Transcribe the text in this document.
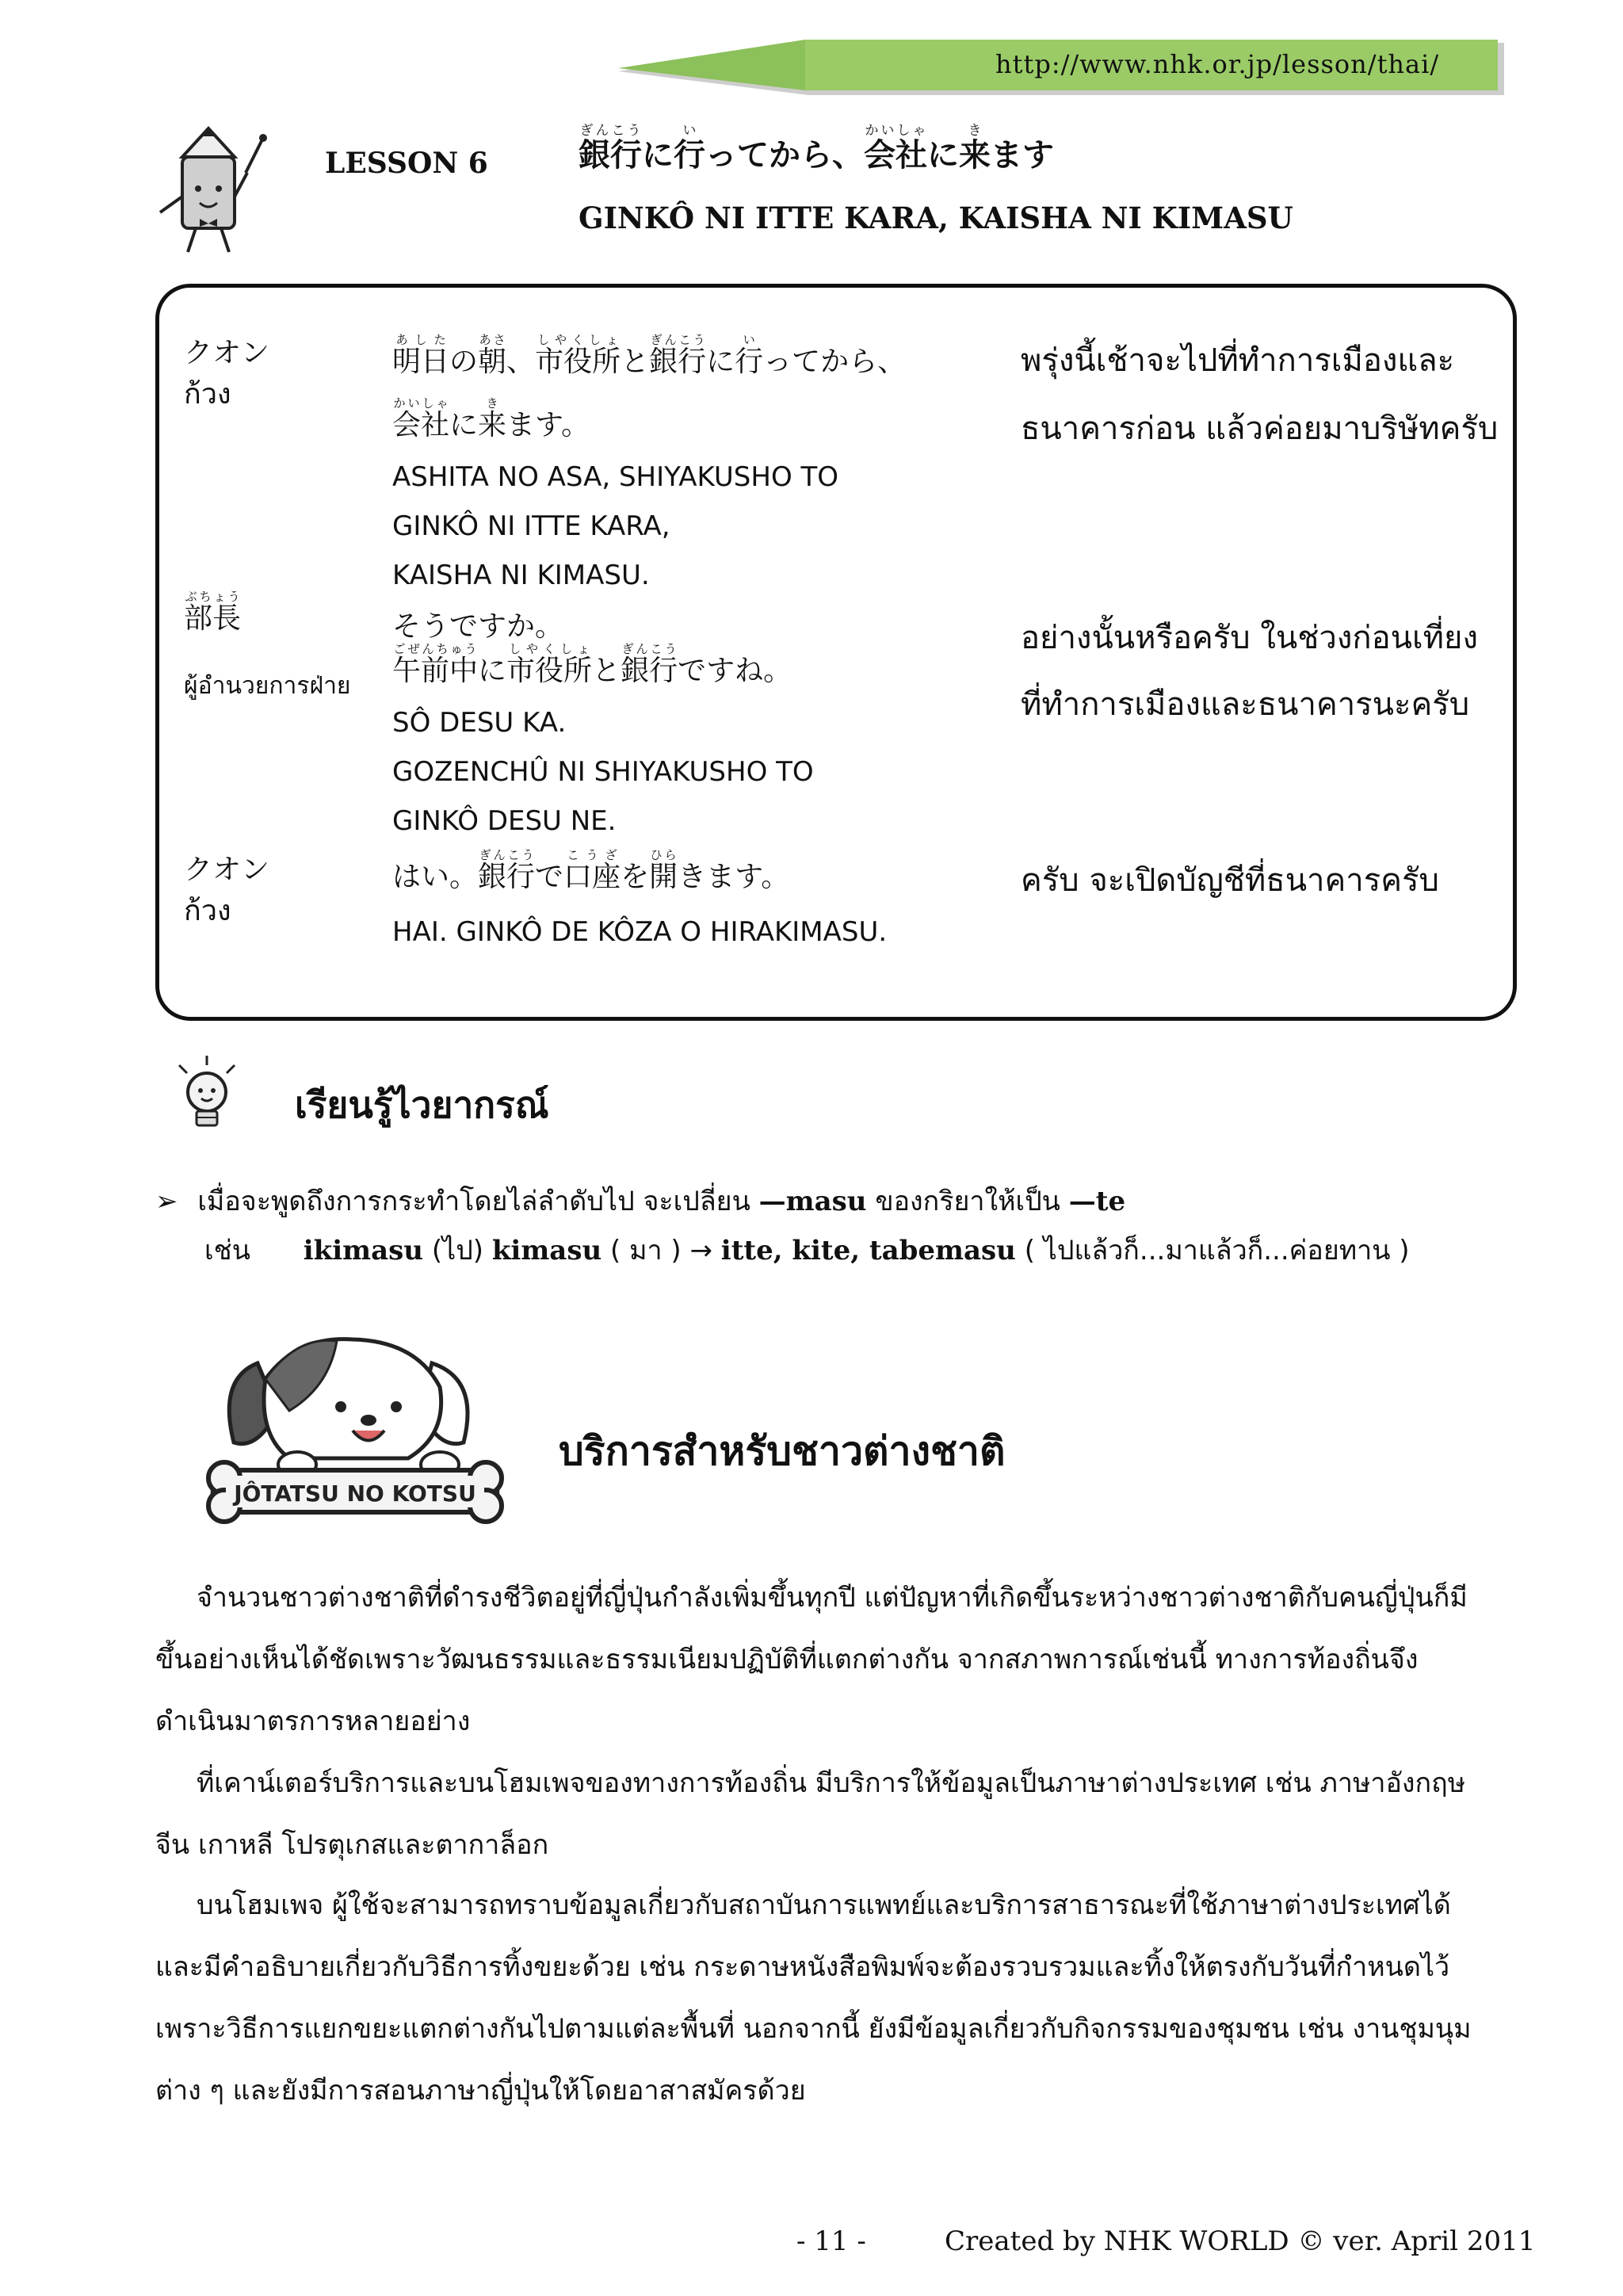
http://www.nhk.or.jp/lesson/thai/
LESSON 6	銀行ぎんこうに行いってから、会社かいしゃに来きます
GINKÔ NI ITTE KARA, KAISHA NI KIMASU
クオン
ก้วง
明日あしたの朝あさ、市役所しやくしょと銀行ぎんこうに行いってから、
会社かいしゃに来きます。
ASHITA NO ASA, SHIYAKUSHO TO
GINKÔ NI ITTE KARA,
KAISHA NI KIMASU.
พรุ่งนี้เช้าจะไปที่ทำการเมืองและ
ธนาคารก่อน แล้วค่อยมาบริษัทครับ
部長ぶちょう
ผู้อำนวยการฝ่าย
そうですか。
午前中ごぜんちゅうに市役所しやくしょと銀行ぎんこうですね。
SÔ DESU KA.
GOZENCHÛ NI SHIYAKUSHO TO
GINKÔ DESU NE.
อย่างนั้นหรือครับ ในช่วงก่อนเที่ยง
ที่ทำการเมืองและธนาคารนะครับ
クオン
ก้วง
はい。銀行ぎんこうで口座こうざを開ひらきます。
HAI. GINKÔ DE KÔZA O HIRAKIMASU.
ครับ จะเปิดบัญชีที่ธนาคารครับ
เรียนรู้ไวยากรณ์
➢ เมื่อจะพูดถึงการกระทำโดยไล่ลำดับไป จะเปลี่ยน —masu ของกริยาให้เป็น —te
เช่น ikimasu (ไป) kimasu ( มา ) → itte, kite, tabemasu ( ไปแล้วก็...มาแล้วก็...ค่อยทาน )
JÔTATSU NO KOTSU
บริการสำหรับชาวต่างชาติ
จำนวนชาวต่างชาติที่ดำรงชีวิตอยู่ที่ญี่ปุ่นกำลังเพิ่มขึ้นทุกปี แต่ปัญหาที่เกิดขึ้นระหว่างชาวต่างชาติกับคนญี่ปุ่นก็มี
ขึ้นอย่างเห็นได้ชัดเพราะวัฒนธรรมและธรรมเนียมปฏิบัติที่แตกต่างกัน จากสภาพการณ์เช่นนี้ ทางการท้องถิ่นจึง
ดำเนินมาตรการหลายอย่าง
ที่เคาน์เตอร์บริการและบนโฮมเพจของทางการท้องถิ่น มีบริการให้ข้อมูลเป็นภาษาต่างประเทศ เช่น ภาษาอังกฤษ
จีน เกาหลี โปรตุเกสและตากาล็อก
บนโฮมเพจ ผู้ใช้จะสามารถทราบข้อมูลเกี่ยวกับสถาบันการแพทย์และบริการสาธารณะที่ใช้ภาษาต่างประเทศได้
และมีคำอธิบายเกี่ยวกับวิธีการทิ้งขยะด้วย เช่น กระดาษหนังสือพิมพ์จะต้องรวบรวมและทิ้งให้ตรงกับวันที่กำหนดไว้
เพราะวิธีการแยกขยะแตกต่างกันไปตามแต่ละพื้นที่ นอกจากนี้ ยังมีข้อมูลเกี่ยวกับกิจกรรมของชุมชน เช่น งานชุมนุม
ต่าง ๆ และยังมีการสอนภาษาญี่ปุ่นให้โดยอาสาสมัครด้วย
- 11 -	Created by NHK WORLD © ver. April 2011
